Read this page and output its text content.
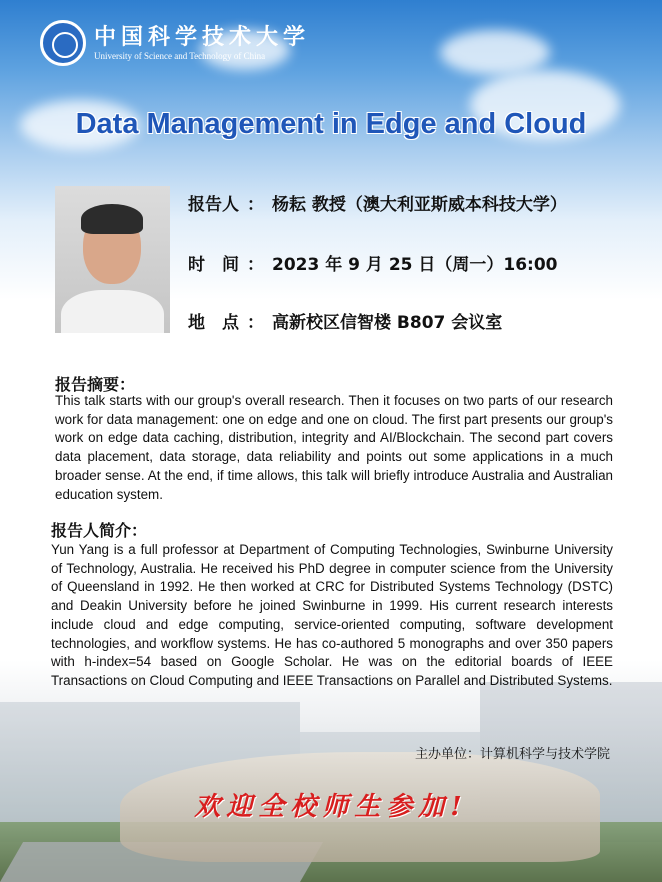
中国科学技术大学
University of Science and Technology of China
Data Management in Edge and Cloud
报告人 ： 杨耘 教授（澳大利亚斯威本科技大学）
时　间 ： 2023 年 9 月 25 日（周一）16:00
地　点 ： 高新校区信智楼 B807 会议室
报告摘要：
This talk starts with our group's overall research. Then it focuses on two parts of our research work for data management: one on edge and one on cloud. The first part presents our group's work on edge data caching, distribution, integrity and AI/Blockchain. The second part covers data placement, data storage, data reliability and points out some applications in a much broader sense. At the end, if time allows, this talk will briefly introduce Australia and Australian education system.
报告人简介：
Yun Yang is a full professor at Department of Computing Technologies, Swinburne University of Technology, Australia. He received his PhD degree in computer science from the University of Queensland in 1992. He then worked at CRC for Distributed Systems Technology (DSTC) and Deakin University before he joined Swinburne in 1999. His current research interests include cloud and edge computing, service-oriented computing, software development technologies, and workflow systems. He has co-authored 5 monographs and over 350 papers with h-index=54 based on Google Scholar. He was on the editorial boards of IEEE Transactions on Cloud Computing and IEEE Transactions on Parallel and Distributed Systems.
主办单位：计算机科学与技术学院
欢迎全校师生参加!
